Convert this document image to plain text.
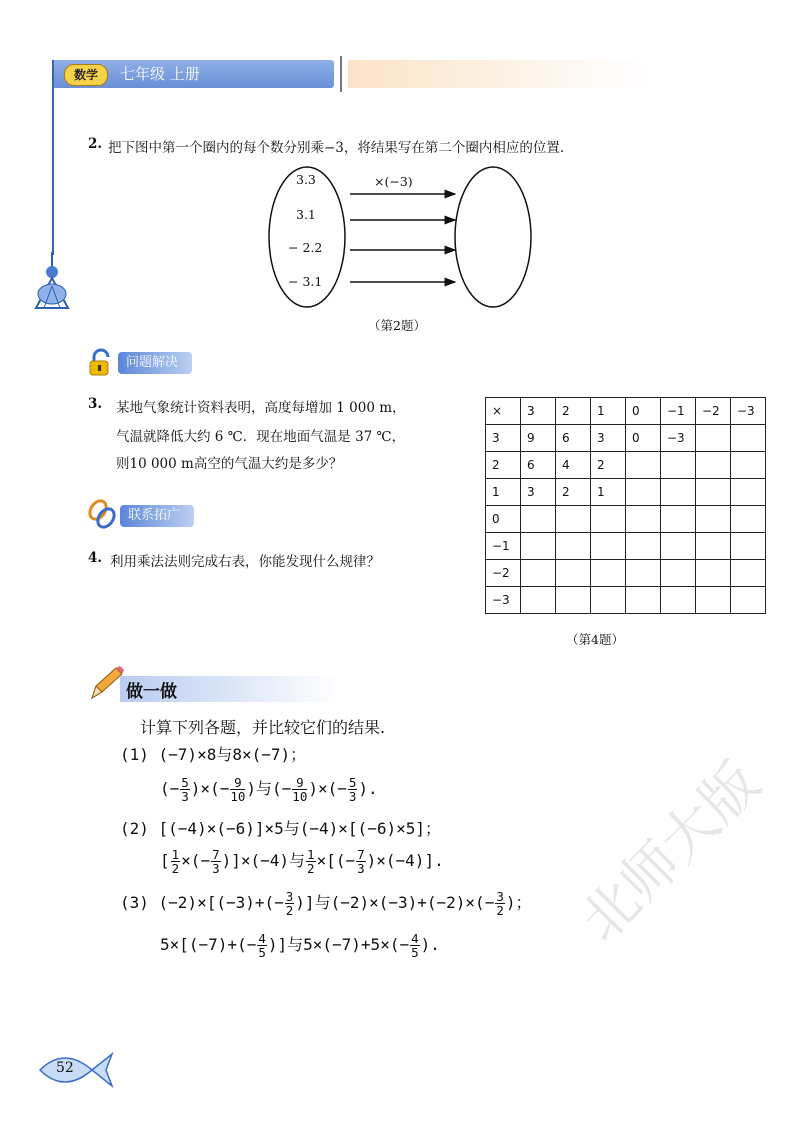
数学	七年级 上册
2. 把下图中第一个圈内的每个数分别乘−3，将结果写在第二个圈内相应的位置.
3.3
3.1
− 2.2
− 3.1
×(−3)
（第2题）
问题解决
3. 某地气象统计资料表明，高度每增加 1 000 m，
气温就降低大约 6 ℃．现在地面气温是 37 ℃，
则10 000 m高空的气温大约是多少？
联系拓广
4. 利用乘法法则完成右表，你能发现什么规律？
×	3	2	1	0	−1	−2	−3
3	9	6	3	0	−3		
2	6	4	2				
1	3	2	1				
0							
−1							
−2							
−3							
（第4题）
做一做
计算下列各题，并比较它们的结果.
(1) (−7)×8与8×(−7)；
(− $\frac{5}{3}$ )×(− $\frac{9}{10}$ )与(− $\frac{9}{10}$ )×(− $\frac{5}{3}$ ).
(2) [(−4)×(−6)]×5与(−4)×[(−6)×5]；
[ $\frac{1}{2}$ ×(− $\frac{7}{3} )]\times(-4)$与 $\frac{1}{2}$ ×[(− $\frac{7}{3} )\times(-4)$].
(3) $(-2)\times[(-3)+(- \frac{3}{2}$ )]与$(-2)\times(-3)+(-2)\times(- \frac{3}{2}$ )；
$5\times[(-7)+(- \frac{4}{5}$ )]与$5\times(-7)+5\times(- \frac{4}{5}$ ). 北师大版
52
